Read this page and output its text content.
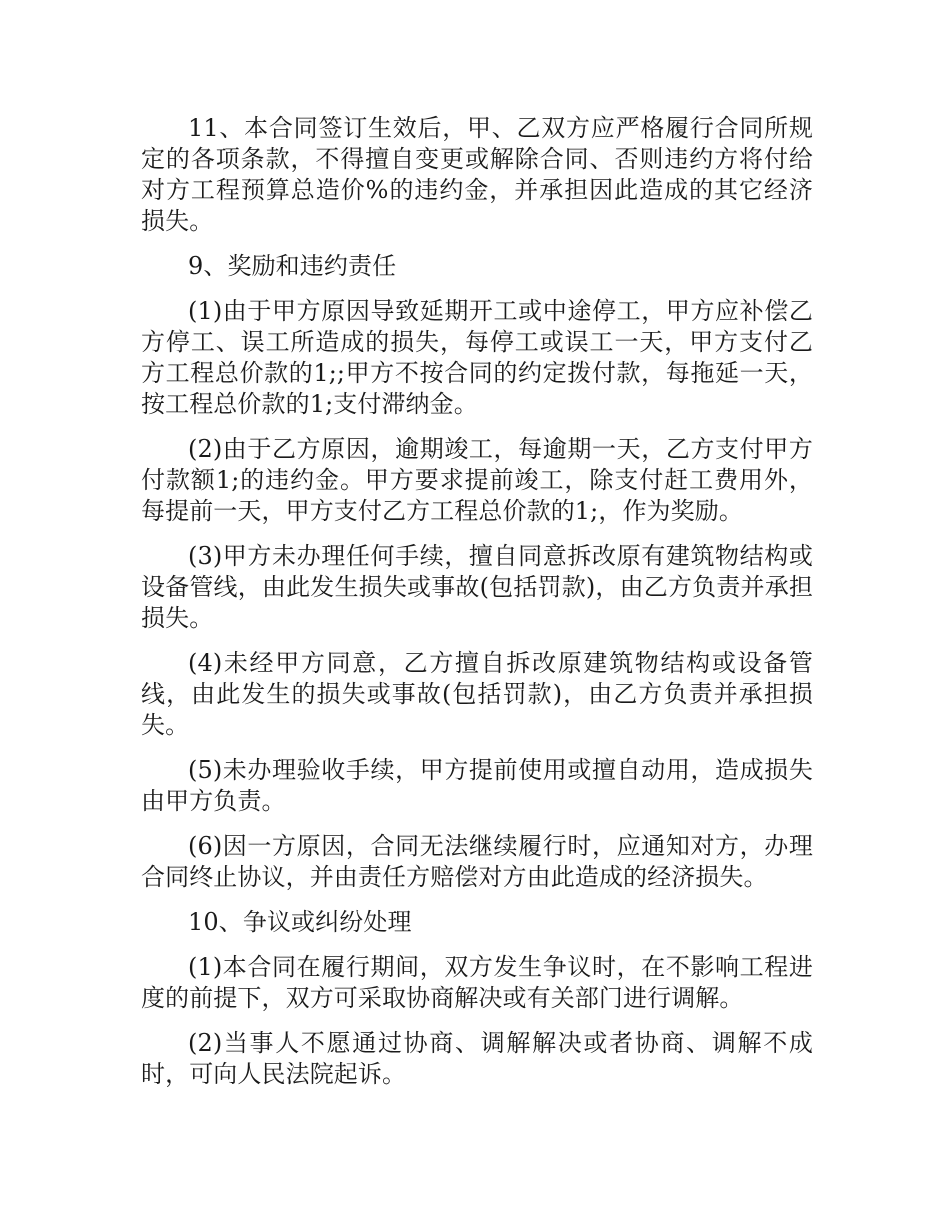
11、本合同签订生效后，甲、乙双方应严格履行合同所规定的各项条款，不得擅自变更或解除合同、否则违约方将付给对方工程预算总造价%的违约金，并承担因此造成的其它经济损失。

9、奖励和违约责任

(1)由于甲方原因导致延期开工或中途停工，甲方应补偿乙方停工、误工所造成的损失，每停工或误工一天，甲方支付乙方工程总价款的1;;甲方不按合同的约定拨付款，每拖延一天，按工程总价款的1;支付滞纳金。

(2)由于乙方原因，逾期竣工，每逾期一天，乙方支付甲方付款额1;的违约金。甲方要求提前竣工，除支付赶工费用外，每提前一天，甲方支付乙方工程总价款的1;，作为奖励。

(3)甲方未办理任何手续，擅自同意拆改原有建筑物结构或设备管线，由此发生损失或事故(包括罚款)，由乙方负责并承担损失。

(4)未经甲方同意，乙方擅自拆改原建筑物结构或设备管线，由此发生的损失或事故(包括罚款)，由乙方负责并承担损失。

(5)未办理验收手续，甲方提前使用或擅自动用，造成损失由甲方负责。

(6)因一方原因，合同无法继续履行时，应通知对方，办理合同终止协议，并由责任方赔偿对方由此造成的经济损失。

10、争议或纠纷处理

(1)本合同在履行期间，双方发生争议时，在不影响工程进度的前提下，双方可采取协商解决或有关部门进行调解。

(2)当事人不愿通过协商、调解解决或者协商、调解不成时，可向人民法院起诉。
